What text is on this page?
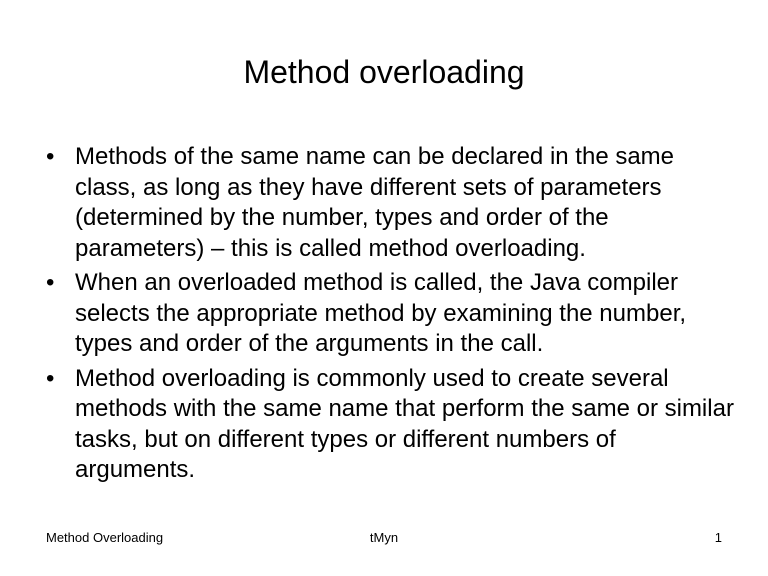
Method overloading
• Methods of the same name can be declared in the same class, as long as they have different sets of parameters (determined by the number, types and order of the parameters) – this is called method overloading.
• When an overloaded method is called, the Java compiler selects the appropriate method by examining the number, types and order of the arguments in the call.
• Method overloading is commonly used to create several methods with the same name that perform the same or similar tasks, but on different types or different numbers of arguments.
Method Overloading	tMyn	1
